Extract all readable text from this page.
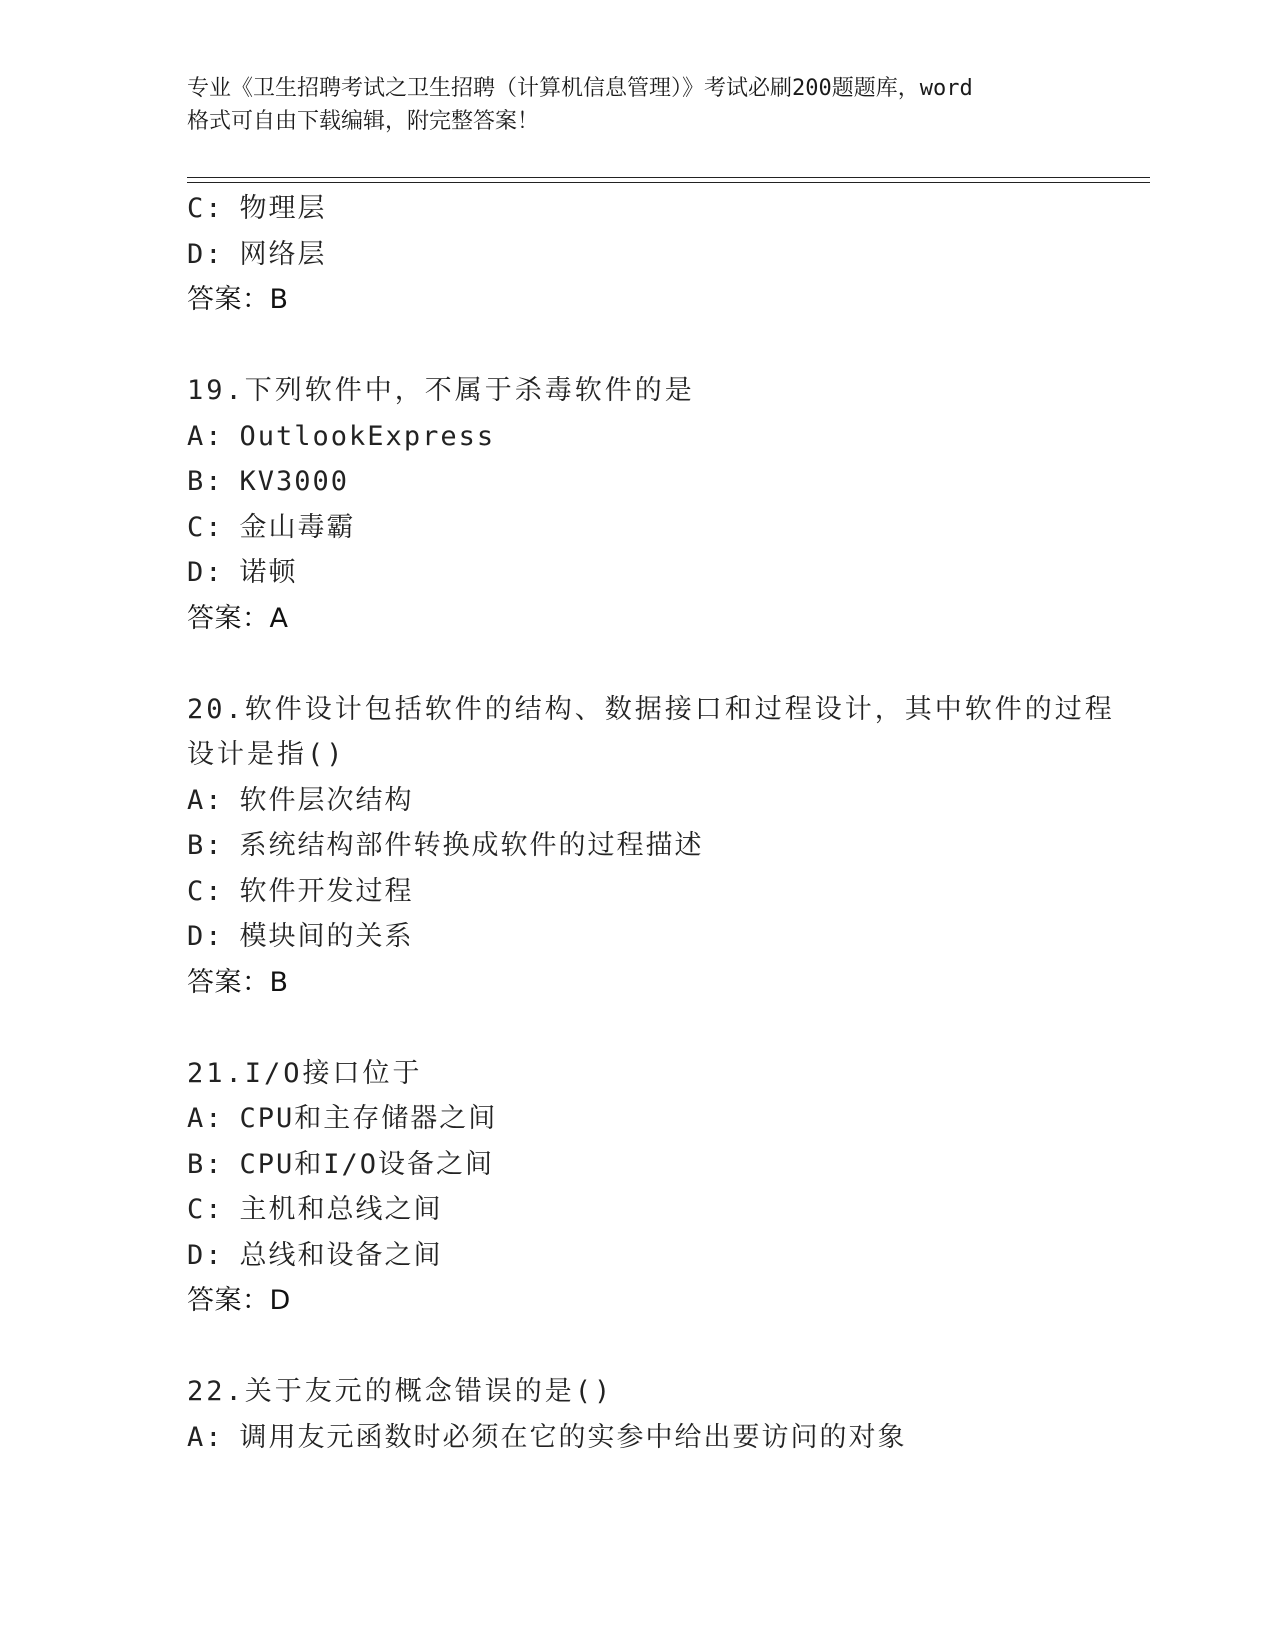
专业《卫生招聘考试之卫生招聘（计算机信息管理）》考试必刷200题题库，word
格式可自由下载编辑，附完整答案！
C: 物理层
D: 网络层
答案：B
19.下列软件中，不属于杀毒软件的是
A: OutlookExpress
B: KV3000
C: 金山毒霸
D: 诺顿
答案：A
20.软件设计包括软件的结构、数据接口和过程设计，其中软件的过程
设计是指()
A: 软件层次结构
B: 系统结构部件转换成软件的过程描述
C: 软件开发过程
D: 模块间的关系
答案：B
21.I/O接口位于
A: CPU和主存储器之间
B: CPU和I/O设备之间
C: 主机和总线之间
D: 总线和设备之间
答案：D
22.关于友元的概念错误的是()
A: 调用友元函数时必须在它的实参中给出要访问的对象
